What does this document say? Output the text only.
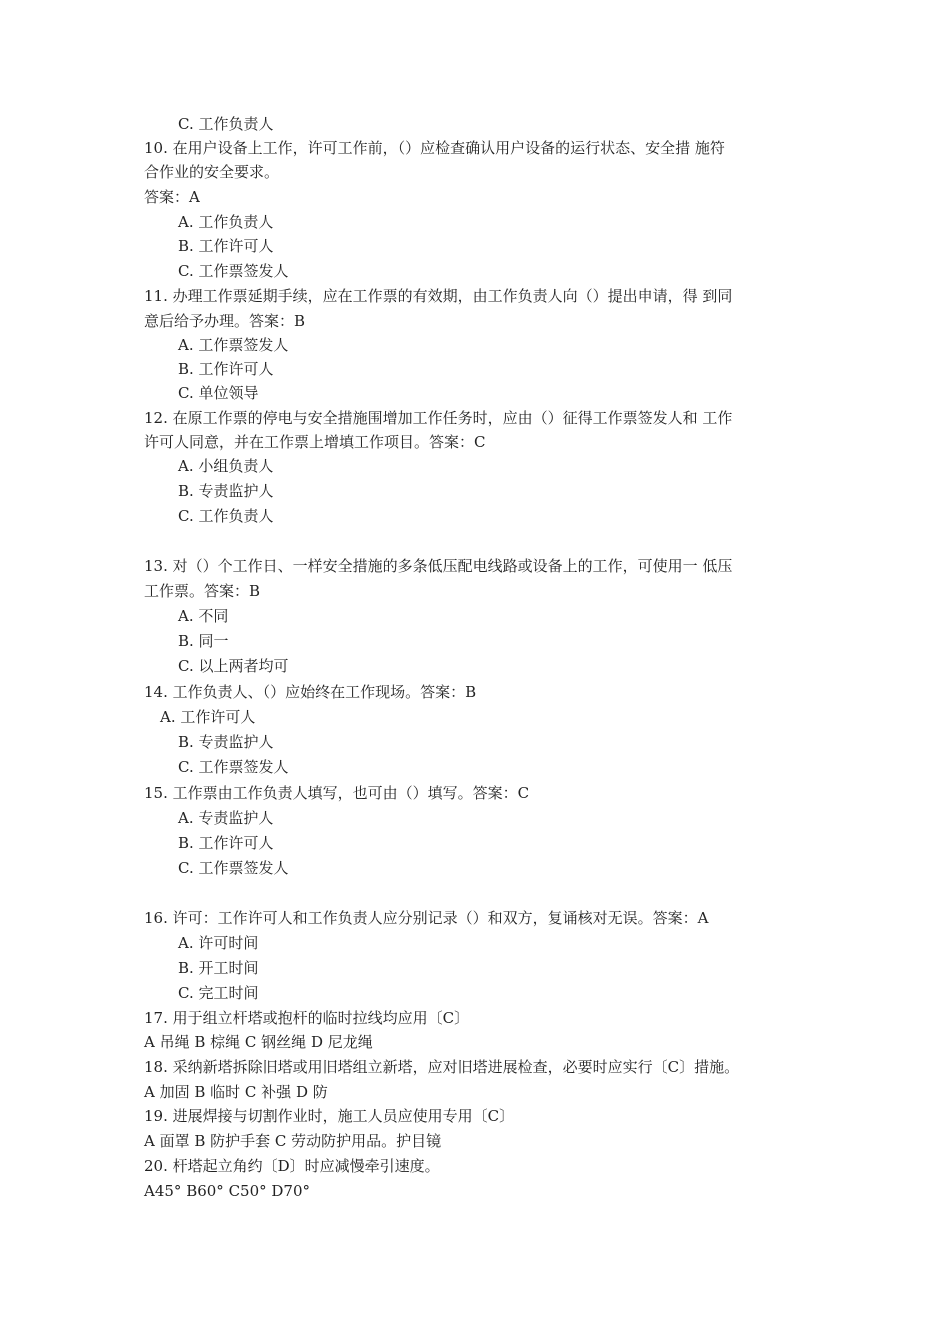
C. 工作负责人
10. 在用户设备上工作，许可工作前，（）应检查确认用户设备的运行状态、安全措 施符
合作业的安全要求。
答案：A
A. 工作负责人
B. 工作许可人
C. 工作票签发人
11. 办理工作票延期手续，应在工作票的有效期，由工作负责人向（）提出申请，得 到同
意后给予办理。答案：B
A. 工作票签发人
B. 工作许可人
C. 单位领导
12. 在原工作票的停电与安全措施围增加工作任务时，应由（）征得工作票签发人和 工作
许可人同意，并在工作票上增填工作项目。答案：C
A. 小组负责人
B. 专责监护人
C. 工作负责人
13. 对（）个工作日、一样安全措施的多条低压配电线路或设备上的工作，可使用一 低压
工作票。答案：B
A. 不同
B. 同一
C. 以上两者均可
14. 工作负责人、（）应始终在工作现场。答案：B
A. 工作许可人
B. 专责监护人
C. 工作票签发人
15. 工作票由工作负责人填写，也可由（）填写。答案：C
A. 专责监护人
B. 工作许可人
C. 工作票签发人
16. 许可：工作许可人和工作负责人应分别记录（）和双方，复诵核对无误。答案：A
A. 许可时间
B. 开工时间
C. 完工时间
17. 用于组立杆塔或抱杆的临时拉线均应用〔C〕
A 吊绳 B 棕绳 C 钢丝绳 D 尼龙绳
18. 采纳新塔拆除旧塔或用旧塔组立新塔，应对旧塔进展检查，必要时应实行〔C〕措施。
A 加固 B 临时 C 补强 D 防
19. 进展焊接与切割作业时，施工人员应使用专用〔C〕
A 面罩 B 防护手套 C 劳动防护用品。护目镜
20. 杆塔起立角约〔D〕时应减慢牵引速度。
A45° B60° C50° D70°
